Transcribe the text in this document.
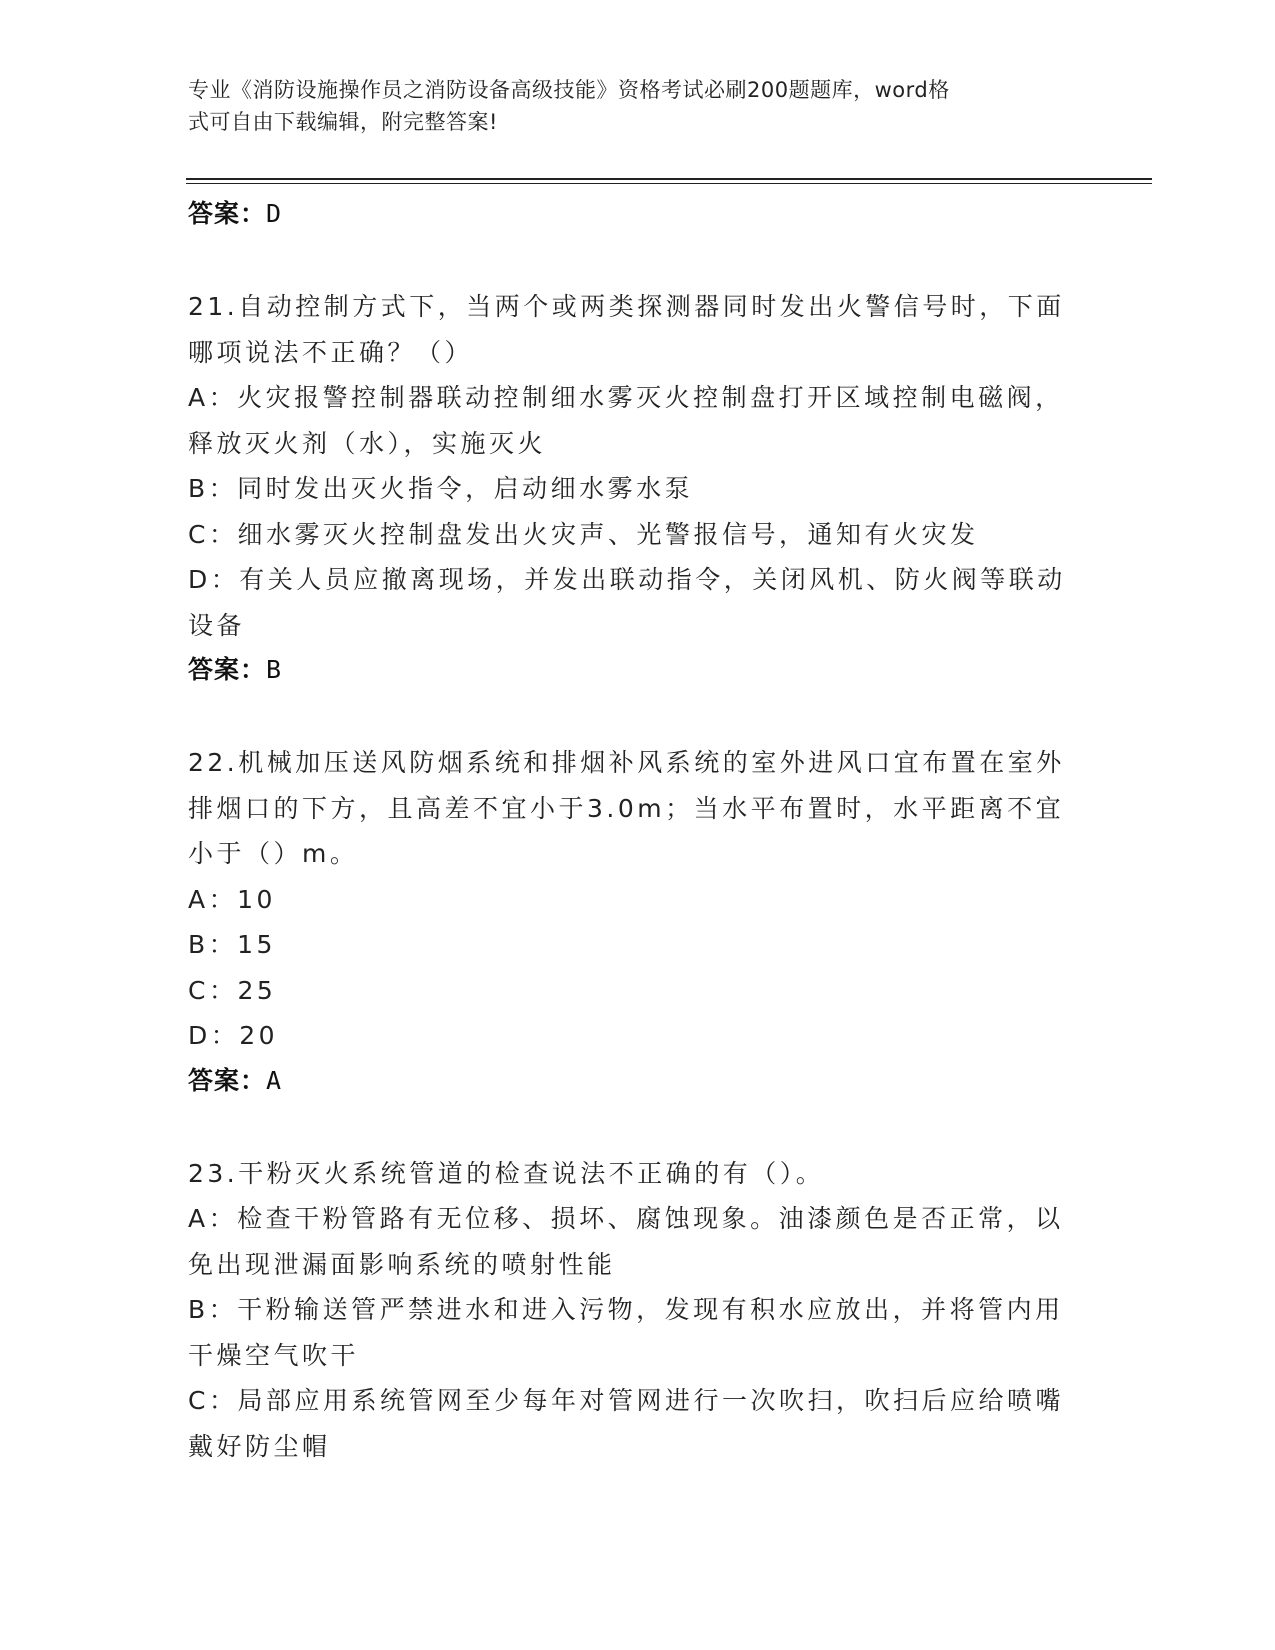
专业《消防设施操作员之消防设备高级技能》资格考试必刷200题题库，word格
式可自由下载编辑，附完整答案!
答案：D
21.自动控制方式下，当两个或两类探测器同时发出火警信号时，下面
哪项说法不正确？（）
A：火灾报警控制器联动控制细水雾灭火控制盘打开区域控制电磁阀，
释放灭火剂（水），实施灭火
B：同时发出灭火指令，启动细水雾水泵
C：细水雾灭火控制盘发出火灾声、光警报信号，通知有火灾发
D：有关人员应撤离现场，并发出联动指令，关闭风机、防火阀等联动
设备
答案：B
22.机械加压送风防烟系统和排烟补风系统的室外进风口宜布置在室外
排烟口的下方，且高差不宜小于3.0m；当水平布置时，水平距离不宜
小于（）m。
A：10
B：15
C：25
D：20
答案：A
23.干粉灭火系统管道的检查说法不正确的有（）。
A：检查干粉管路有无位移、损坏、腐蚀现象。油漆颜色是否正常，以
免出现泄漏面影响系统的喷射性能
B：干粉输送管严禁进水和进入污物，发现有积水应放出，并将管内用
干燥空气吹干
C：局部应用系统管网至少每年对管网进行一次吹扫，吹扫后应给喷嘴
戴好防尘帽
